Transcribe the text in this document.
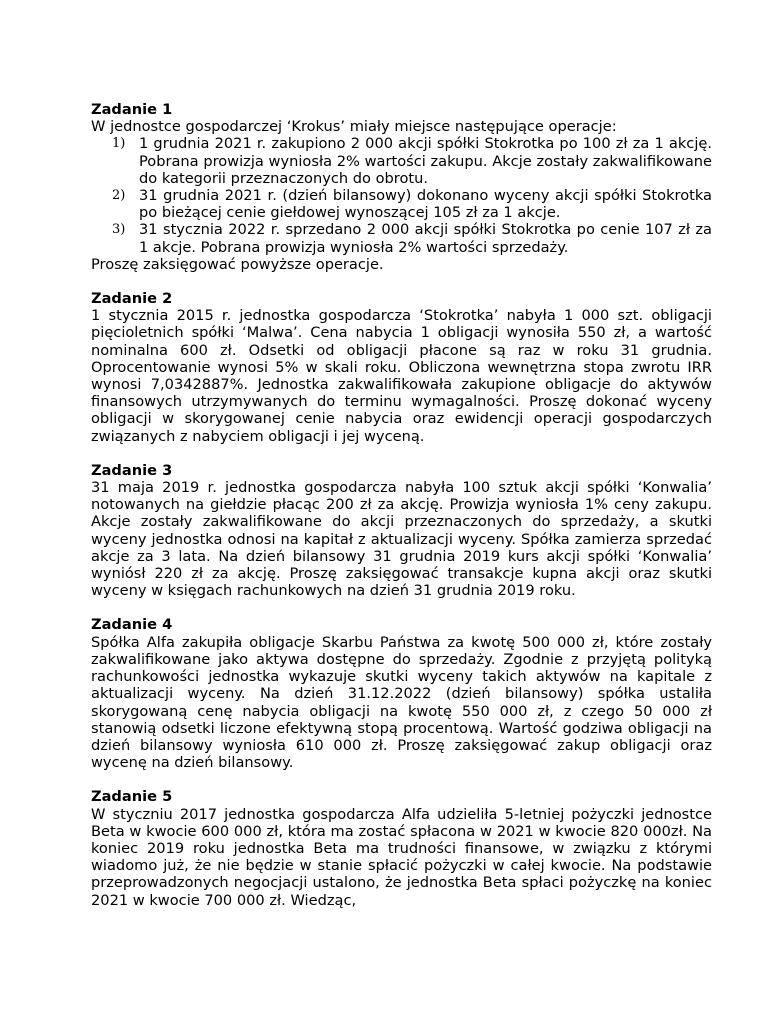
Zadanie 1

W jednostce gospodarczej ‘Krokus’ miały miejsce następujące operacje:

1) 1 grudnia 2021 r. zakupiono 2 000 akcji spółki Stokrotka po 100 zł za 1 akcję. Pobrana prowizja wyniosła 2% wartości zakupu. Akcje zostały zakwalifikowane do kategorii przeznaczonych do obrotu.
2) 31 grudnia 2021 r. (dzień bilansowy) dokonano wyceny akcji spółki Stokrotka po bieżącej cenie giełdowej wynoszącej 105 zł za 1 akcje.
3) 31 stycznia 2022 r. sprzedano 2 000 akcji spółki Stokrotka po cenie 107 zł za 1 akcje. Pobrana prowizja wyniosła 2% wartości sprzedaży.

Proszę zaksięgować powyższe operacje.

Zadanie 2

1 stycznia 2015 r. jednostka gospodarcza ‘Stokrotka’ nabyła 1 000 szt. obligacji pięcioletnich spółki ‘Malwa’. Cena nabycia 1 obligacji wynosiła 550 zł, a wartość nominalna 600 zł. Odsetki od obligacji płacone są raz w roku 31 grudnia. Oprocentowanie wynosi 5% w skali roku. Obliczona wewnętrzna stopa zwrotu IRR wynosi 7,0342887%. Jednostka zakwalifikowała zakupione obligacje do aktywów finansowych utrzymywanych do terminu wymagalności. Proszę dokonać wyceny obligacji w skorygowanej cenie nabycia oraz ewidencji operacji gospodarczych związanych z nabyciem obligacji i jej wyceną.

Zadanie 3

31 maja 2019 r. jednostka gospodarcza nabyła 100 sztuk akcji spółki ‘Konwalia’ notowanych na giełdzie płacąc 200 zł za akcję. Prowizja wyniosła 1% ceny zakupu. Akcje zostały zakwalifikowane do akcji przeznaczonych do sprzedaży, a skutki wyceny jednostka odnosi na kapitał z aktualizacji wyceny. Spółka zamierza sprzedać akcje za 3 lata. Na dzień bilansowy 31 grudnia 2019 kurs akcji spółki ‘Konwalia’ wyniósł 220 zł za akcję. Proszę zaksięgować transakcje kupna akcji oraz skutki wyceny w księgach rachunkowych na dzień 31 grudnia 2019 roku.

Zadanie 4

Spółka Alfa zakupiła obligacje Skarbu Państwa za kwotę 500 000 zł, które zostały zakwalifikowane jako aktywa dostępne do sprzedaży. Zgodnie z przyjętą polityką rachunkowości jednostka wykazuje skutki wyceny takich aktywów na kapitale z aktualizacji wyceny. Na dzień 31.12.2022 (dzień bilansowy) spółka ustaliła skorygowaną cenę nabycia obligacji na kwotę 550 000 zł, z czego 50 000 zł stanowią odsetki liczone efektywną stopą procentową. Wartość godziwa obligacji na dzień bilansowy wyniosła 610 000 zł. Proszę zaksięgować zakup obligacji oraz wycenę na dzień bilansowy.

Zadanie 5

W styczniu 2017 jednostka gospodarcza Alfa udzieliła 5-letniej pożyczki jednostce Beta w kwocie 600 000 zł, która ma zostać spłacona w 2021 w kwocie 820 000zł. Na koniec 2019 roku jednostka Beta ma trudności finansowe, w związku z którymi wiadomo już, że nie będzie w stanie spłacić pożyczki w całej kwocie. Na podstawie przeprowadzonych negocjacji ustalono, że jednostka Beta spłaci pożyczkę na koniec 2021 w kwocie 700 000 zł. Wiedząc,
